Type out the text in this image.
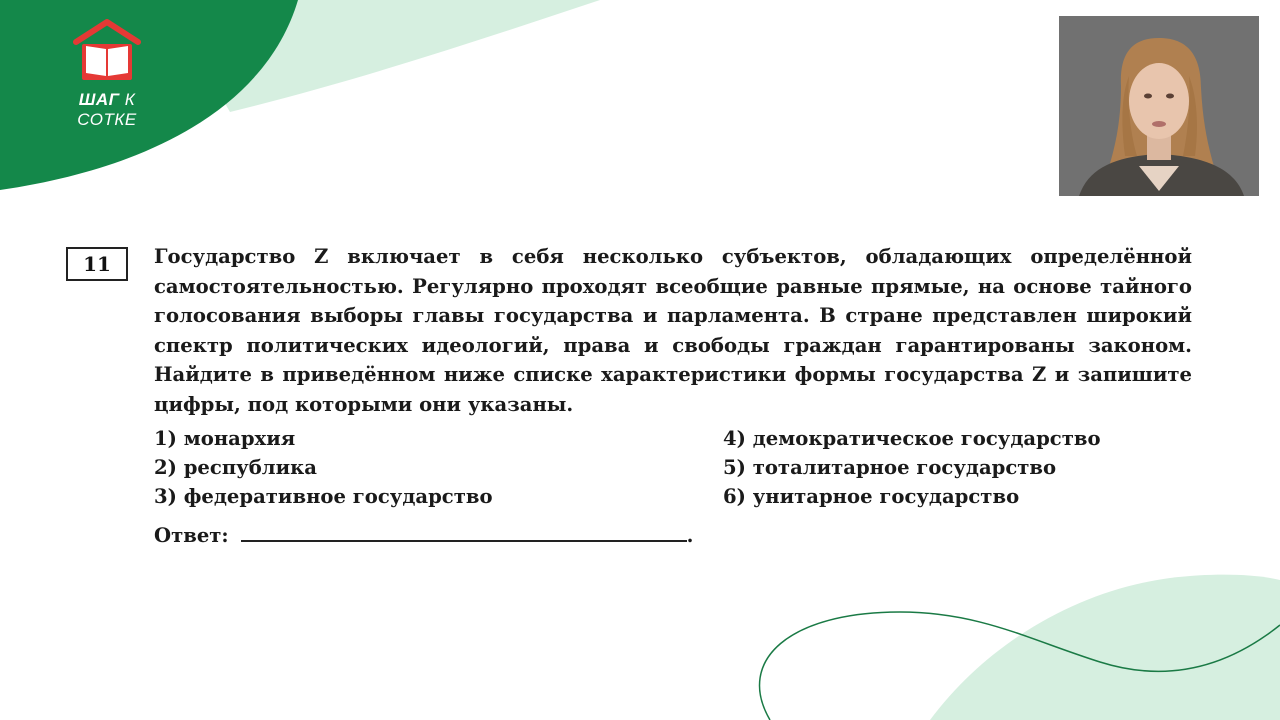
ШАГ К СОТКЕ
11	Государство Z включает в себя несколько субъектов, обладающих определённой самостоятельностью. Регулярно проходят всеобщие равные прямые, на основе тайного голосования выборы главы государства и парламента. В стране представлен широкий спектр политических идеологий, права и свободы граждан гарантированы законом. Найдите в приведённом ниже списке характеристики формы государства Z и запишите цифры, под которыми они указаны.
1) монархия
2) республика
3) федеративное государство
4) демократическое государство
5) тоталитарное государство
6) унитарное государство
Ответ:	.
